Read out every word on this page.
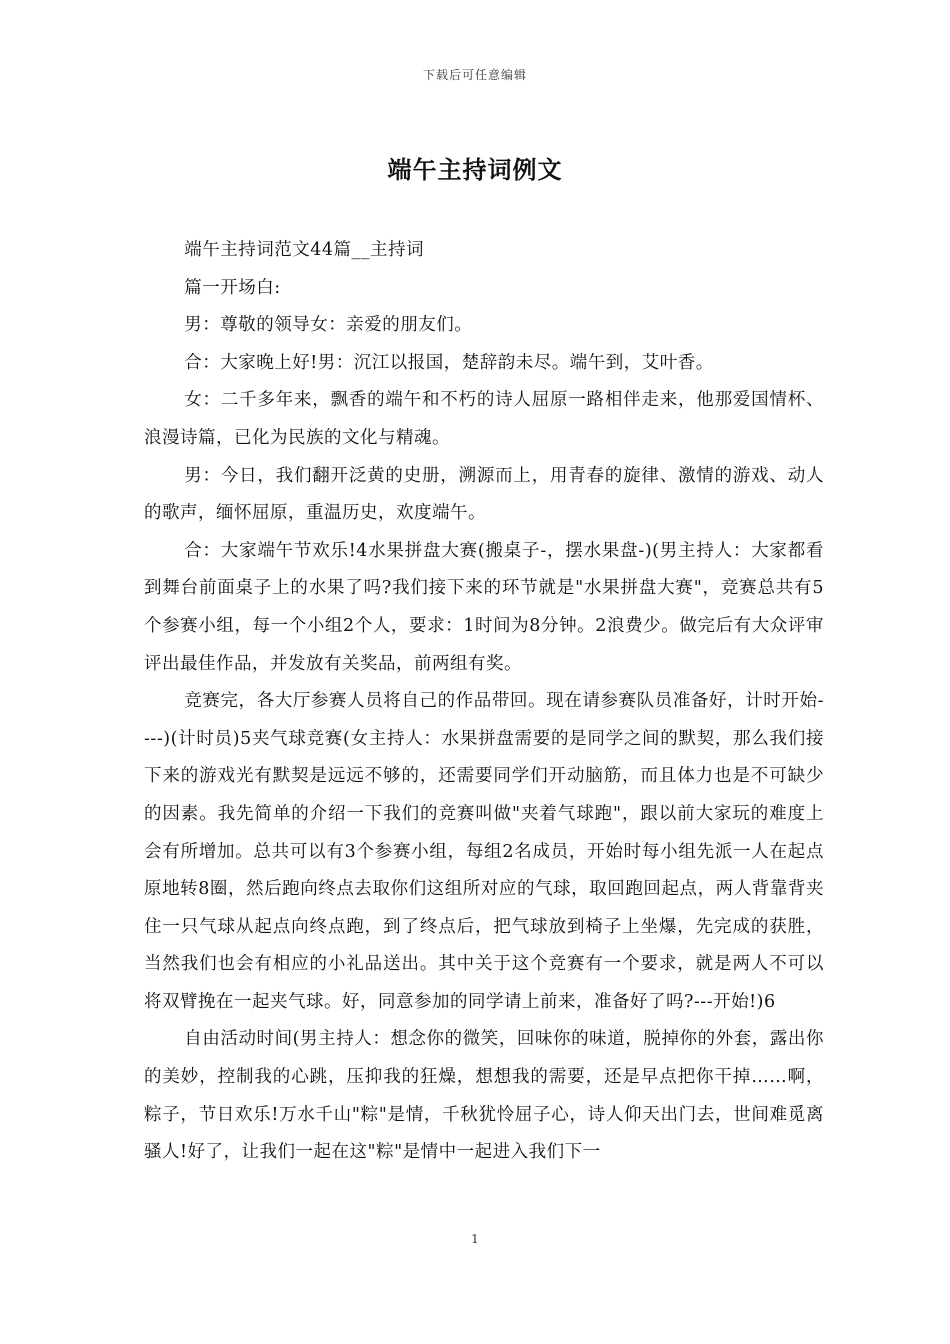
下载后可任意编辑
端午主持词例文

端午主持词范文44篇__主持词

篇一开场白:

男：尊敬的领导女：亲爱的朋友们。

合：大家晚上好!男：沉江以报国，楚辞韵未尽。端午到，艾叶香。

女：二千多年来，飘香的端午和不朽的诗人屈原一路相伴走来，他那爱国情杯、浪漫诗篇，已化为民族的文化与精魂。

男：今日，我们翻开泛黄的史册，溯源而上，用青春的旋律、激情的游戏、动人的歌声，缅怀屈原，重温历史，欢度端午。

合：大家端午节欢乐!4水果拼盘大赛(搬桌子-，摆水果盘-)(男主持人：大家都看到舞台前面桌子上的水果了吗?我们接下来的环节就是"水果拼盘大赛"，竞赛总共有5个参赛小组，每一个小组2个人，要求：1时间为8分钟。2浪费少。做完后有大众评审评出最佳作品，并发放有关奖品，前两组有奖。

竞赛完，各大厅参赛人员将自己的作品带回。现在请参赛队员准备好，计时开始----)(计时员)5夹气球竞赛(女主持人：水果拼盘需要的是同学之间的默契，那么我们接下来的游戏光有默契是远远不够的，还需要同学们开动脑筋，而且体力也是不可缺少的因素。我先简单的介绍一下我们的竞赛叫做"夹着气球跑"，跟以前大家玩的难度上会有所增加。总共可以有3个参赛小组，每组2名成员，开始时每小组先派一人在起点原地转8圈，然后跑向终点去取你们这组所对应的气球，取回跑回起点，两人背靠背夹住一只气球从起点向终点跑，到了终点后，把气球放到椅子上坐爆，先完成的获胜，当然我们也会有相应的小礼品送出。其中关于这个竞赛有一个要求，就是两人不可以将双臂挽在一起夹气球。好，同意参加的同学请上前来，准备好了吗?---开始!)6

自由活动时间(男主持人：想念你的微笑，回味你的味道，脱掉你的外套，露出你的美妙，控制我的心跳，压抑我的狂燥，想想我的需要，还是早点把你干掉……啊，粽子，节日欢乐!万水千山"粽"是情，千秋犹怜屈子心，诗人仰天出门去，世间难觅离骚人!好了，让我们一起在这"粽"是情中一起进入我们下一

1
